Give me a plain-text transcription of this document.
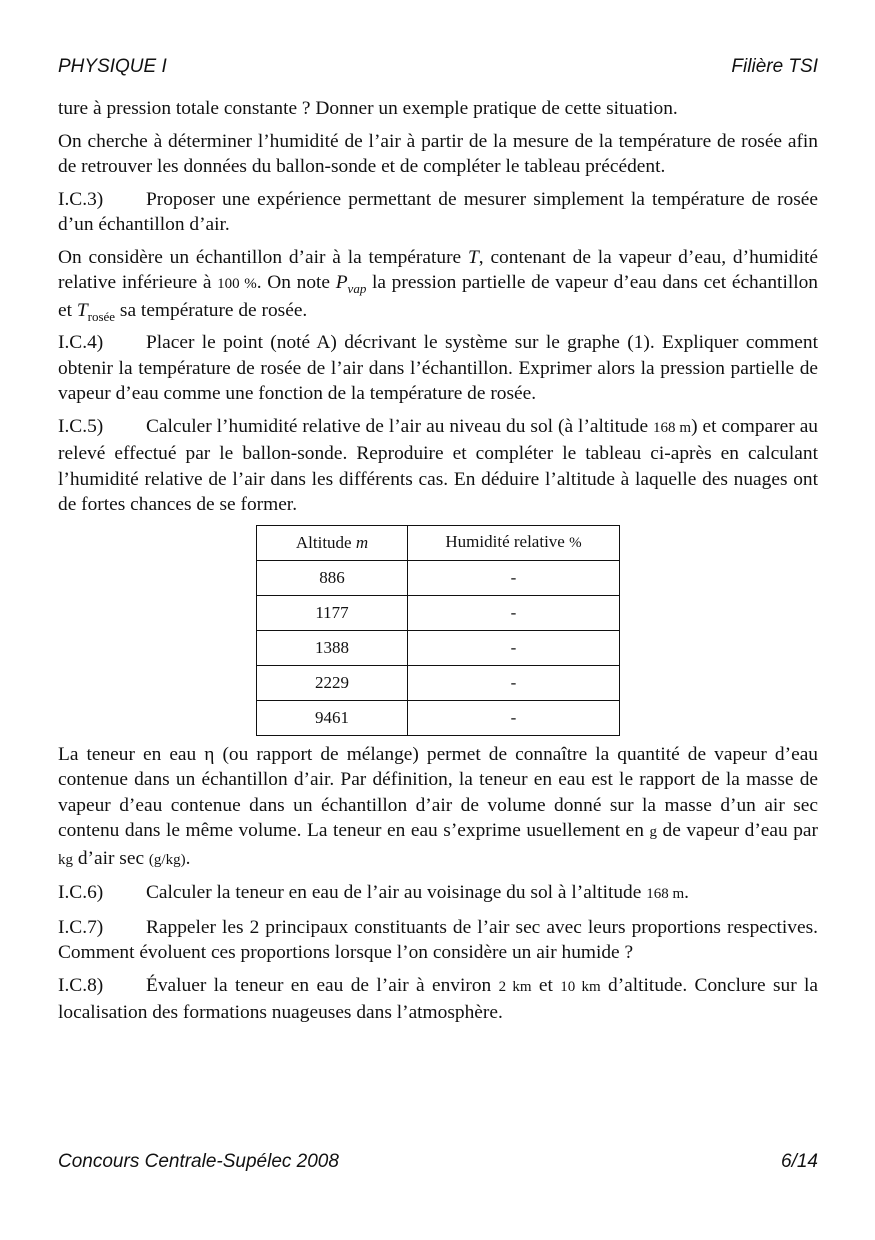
PHYSIQUE I	Filière TSI

ture à pression totale constante ? Donner un exemple pratique de cette situation.

On cherche à déterminer l’humidité de l’air à partir de la mesure de la température de rosée afin de retrouver les données du ballon-sonde et de compléter le tableau précédent.

I.C.3) Proposer une expérience permettant de mesurer simplement la température de rosée d’un échantillon d’air.

On considère un échantillon d’air à la température T, contenant de la vapeur d’eau, d’humidité relative inférieure à 100 %. On note $P_{vap}$ la pression partielle de vapeur d’eau dans cet échantillon et $T_{rosée}$ sa température de rosée.

I.C.4) Placer le point (noté A) décrivant le système sur le graphe (1). Expliquer comment obtenir la température de rosée de l’air dans l’échantillon. Exprimer alors la pression partielle de vapeur d’eau comme une fonction de la température de rosée.

I.C.5) Calculer l’humidité relative de l’air au niveau du sol (à l’altitude 168 m) et comparer au relevé effectué par le ballon-sonde. Reproduire et compléter le tableau ci-après en calculant l’humidité relative de l’air dans les différents cas. En déduire l’altitude à laquelle des nuages ont de fortes chances de se former.

Altitude m	Humidité relative %
886	-
1177	-
1388	-
2229	-
9461	-

La teneur en eau η (ou rapport de mélange) permet de connaître la quantité de vapeur d’eau contenue dans un échantillon d’air. Par définition, la teneur en eau est le rapport de la masse de vapeur d’eau contenue dans un échantillon d’air de volume donné sur la masse d’un air sec contenu dans le même volume. La teneur en eau s’exprime usuellement en g de vapeur d’eau par kg d’air sec (g/kg).

I.C.6) Calculer la teneur en eau de l’air au voisinage du sol à l’altitude 168 m.

I.C.7) Rappeler les 2 principaux constituants de l’air sec avec leurs proportions respectives. Comment évoluent ces proportions lorsque l’on considère un air humide ?

I.C.8) Évaluer la teneur en eau de l’air à environ 2 km et 10 km d’altitude. Conclure sur la localisation des formations nuageuses dans l’atmosphère.

Concours Centrale-Supélec 2008	6/14
